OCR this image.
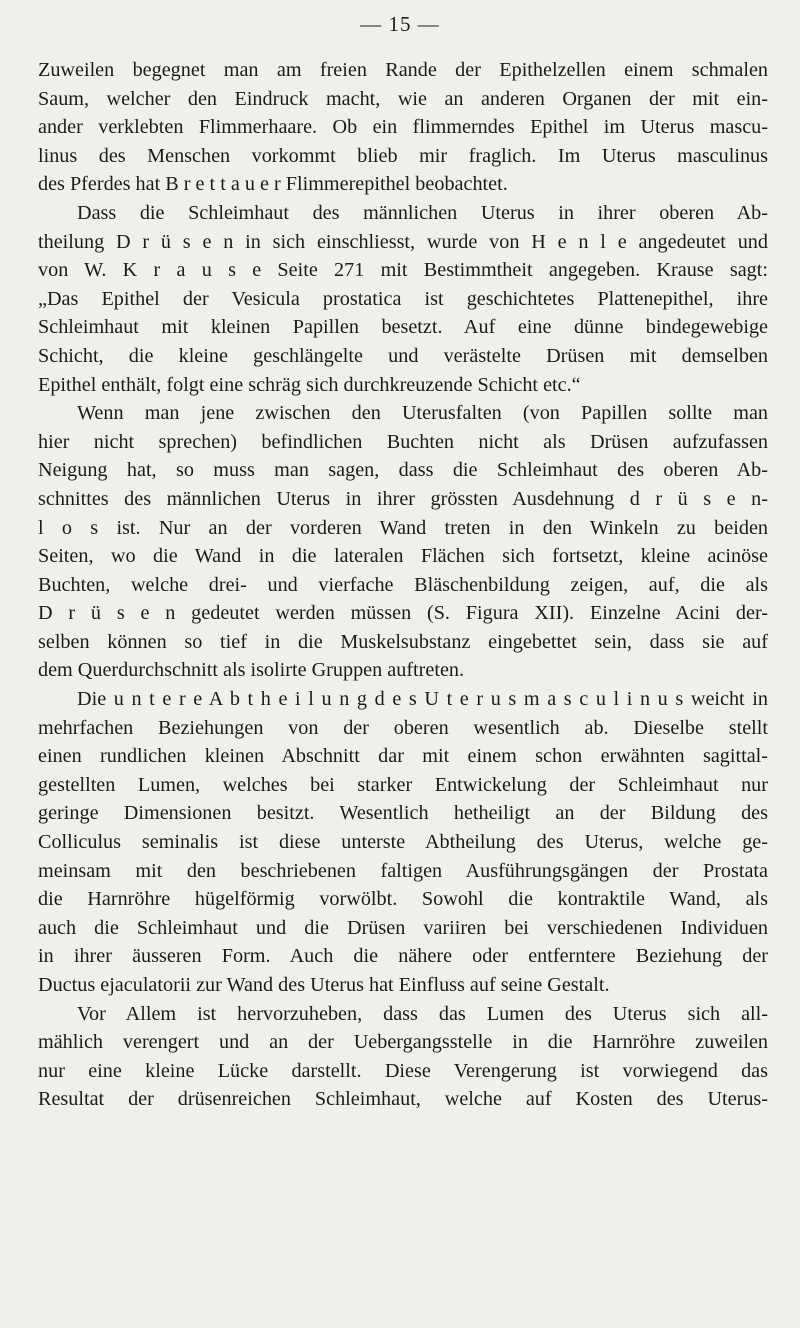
— 15 —
Zuweilen begegnet man am freien Rande der Epithelzellen einem schmalen
Saum, welcher den Eindruck macht, wie an anderen Organen der mit ein-
ander verklebten Flimmerhaare. Ob ein flimmerndes Epithel im Uterus mascu-
linus des Menschen vorkommt blieb mir fraglich. Im Uterus masculinus
des Pferdes hat B r e t t a u e r Flimmerepithel beobachtet.
Dass die Schleimhaut des männlichen Uterus in ihrer oberen Ab-
theilung D r ü s e n in sich einschliesst, wurde von H e n l e angedeutet und
von W. K r a u s e Seite 271 mit Bestimmtheit angegeben. Krause sagt:
„Das Epithel der Vesicula prostatica ist geschichtetes Plattenepithel, ihre
Schleimhaut mit kleinen Papillen besetzt. Auf eine dünne bindegewebige
Schicht, die kleine geschlängelte und verästelte Drüsen mit demselben
Epithel enthält, folgt eine schräg sich durchkreuzende Schicht etc.“
Wenn man jene zwischen den Uterusfalten (von Papillen sollte man
hier nicht sprechen) befindlichen Buchten nicht als Drüsen aufzufassen
Neigung hat, so muss man sagen, dass die Schleimhaut des oberen Ab-
schnittes des männlichen Uterus in ihrer grössten Ausdehnung d r ü s e n-
l o s ist. Nur an der vorderen Wand treten in den Winkeln zu beiden
Seiten, wo die Wand in die lateralen Flächen sich fortsetzt, kleine acinöse
Buchten, welche drei- und vierfache Bläschenbildung zeigen, auf, die als
D r ü s e n gedeutet werden müssen (S. Figura XII). Einzelne Acini der-
selben können so tief in die Muskelsubstanz eingebettet sein, dass sie auf
dem Querdurchschnitt als isolirte Gruppen auftreten.
Die u n t e r e A b t h e i l u n g d e s U t e r u s m a s c u l i n u s weicht in
mehrfachen Beziehungen von der oberen wesentlich ab. Dieselbe stellt
einen rundlichen kleinen Abschnitt dar mit einem schon erwähnten sagittal-
gestellten Lumen, welches bei starker Entwickelung der Schleimhaut nur
geringe Dimensionen besitzt. Wesentlich hetheiligt an der Bildung des
Colliculus seminalis ist diese unterste Abtheilung des Uterus, welche ge-
meinsam mit den beschriebenen faltigen Ausführungsgängen der Prostata
die Harnröhre hügelförmig vorwölbt. Sowohl die kontraktile Wand, als
auch die Schleimhaut und die Drüsen variiren bei verschiedenen Individuen
in ihrer äusseren Form. Auch die nähere oder entferntere Beziehung der
Ductus ejaculatorii zur Wand des Uterus hat Einfluss auf seine Gestalt.
Vor Allem ist hervorzuheben, dass das Lumen des Uterus sich all-
mählich verengert und an der Uebergangsstelle in die Harnröhre zuweilen
nur eine kleine Lücke darstellt. Diese Verengerung ist vorwiegend das
Resultat der drüsenreichen Schleimhaut, welche auf Kosten des Uterus-
